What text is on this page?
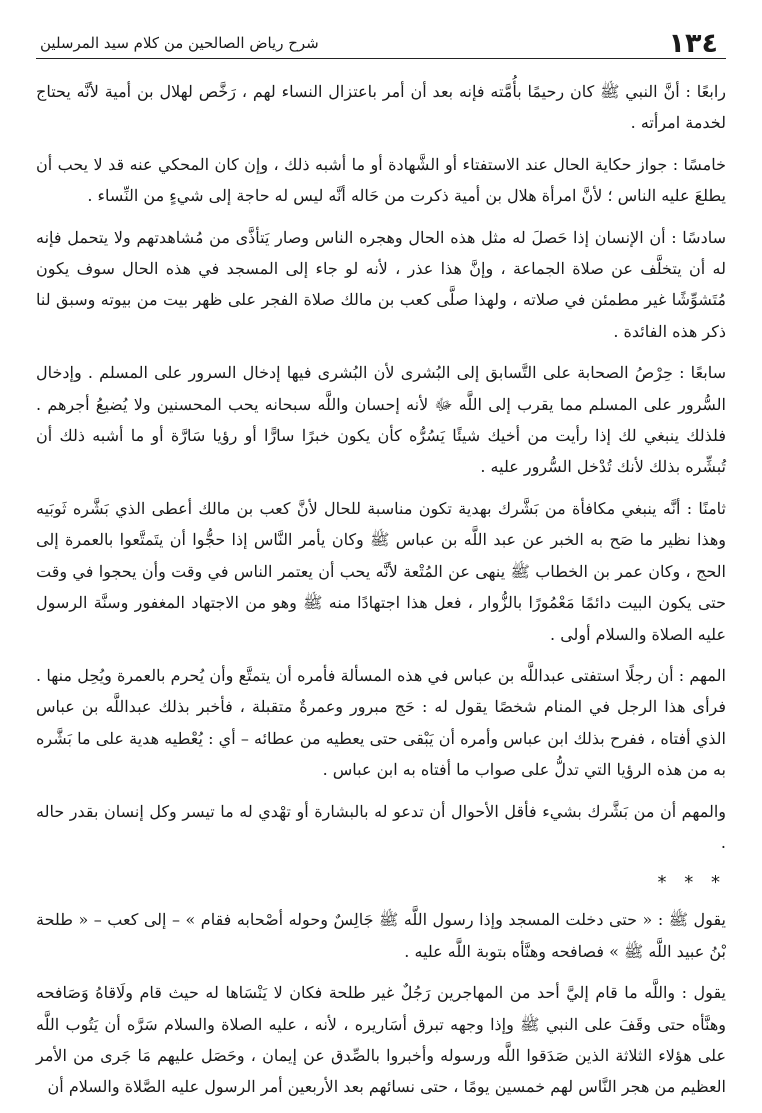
١٣٤
شرح رياض الصالحين من كلام سيد المرسلين

رابعًا : أنَّ النبي ﷺ كان رحيمًا بأُمَّته فإنه بعد أن أمر باعتزال النساء لهم ، رَخَّص لهلال بن أمية لأنَّه يحتاج لخدمة امرأته .

خامسًا : جواز حكاية الحال عند الاستفتاء أو الشَّهادة أو ما أشبه ذلك ، وإن كان المحكي عنه قد لا يحب أن يطلعَ عليه الناس ؛ لأنَّ امرأة هلال بن أمية ذكرت من حَاله أنَّه ليس له حاجة إلى شيءٍ من النِّساء .

سادسًا : أن الإنسان إذا حَصلَ له مثل هذه الحال وهجره الناس وصار يَتأذَّى من مُشاهدتهم ولا يتحمل فإنه له أن يتخلَّف عن صلاة الجماعة ، وإنَّ هذا عذر ، لأنه لو جاء إلى المسجد في هذه الحال سوف يكون مُتَشوِّشًا غير مطمئن في صلاته ، ولهذا صلَّى كعب بن مالك صلاة الفجر على ظهر بيت من بيوته وسبق لنا ذكر هذه الفائدة .

سابعًا : حِرْصُ الصحابة على التَّسابق إلى البُشرى لأن البُشرى فيها إدخال السرور على المسلم . وإدخال السُّرور على المسلم مما يقرب إلى اللَّه ﷻ لأنه إحسان واللَّه سبحانه يحب المحسنين ولا يُضيعُ أجرهم . فلذلك ينبغي لك إذا رأيت من أخيك شيئًا يَسُرُّه كأن يكون خبرًا سارًّا أو رؤيا سَارَّة أو ما أشبه ذلك أن تُبشِّره بذلك لأنك تُدْخل السُّرور عليه .

ثامنًا : أنَّه ينبغي مكافأة من بَشَّرك بهدية تكون مناسبة للحال لأنَّ كعب بن مالك أعطى الذي بَشَّره ثَوبَيه وهذا نظير ما صَح به الخبر عن عبد اللَّه بن عباس ﷺ وكان يأمر النَّاس إذا حجُّوا أن يتَمتَّعوا بالعمرة إلى الحج ، وكان عمر بن الخطاب ﷺ ينهى عن المُتْعة لأنَّه يحب أن يعتمر الناس في وقت وأن يحجوا في وقت حتى يكون البيت دائمًا مَعْمُورًا بالزُّوار ، فعل هذا اجتهادًا منه ﷺ وهو من الاجتهاد المغفور وسنَّة الرسول عليه الصلاة والسلام أولى .

المهم : أن رجلًا استفتى عبداللَّه بن عباس في هذه المسألة فأمره أن يتمتَّع وأن يُحرم بالعمرة ويُحِل منها . فرأى هذا الرجل في المنام شخصًا يقول له : حَج مبرور وعمرةٌ متقبلة ، فأخبر بذلك عبداللَّه بن عباس الذي أفتاه ، ففرح بذلك ابن عباس وأمره أن يَبْقى حتى يعطيه من عطائه – أي : يُعْطيه هدية على ما بَشَّره به من هذه الرؤيا التي تدلُّ على صواب ما أفتاه به ابن عباس .

والمهم أن من بَشَّرك بشيء فأقل الأحوال أن تدعو له بالبشارة أو تهْدي له ما تيسر وكل إنسان بقدر حاله .

* * *

يقول ﷺ : « حتى دخلت المسجد وإذا رسول اللَّه ﷺ جَالِسٌ وحوله أصْحابه فقام » – إلى كعب – « طلحة بْنُ عبيد اللَّه ﷺ » فصافحه وهنَّأه بتوبة اللَّه عليه .

يقول : واللَّه ما قام إليَّ أحد من المهاجرين رَجُلٌ غير طلحة فكان لا يَنْسَاها له حيث قام ولَاقاهُ وَصَافحه وهنَّأه حتى وقَفَ على النبي ﷺ وإذا وجهه تبرق أسَاريره ، لأنه ، عليه الصلاة والسلام سَرَّه أن يَتُوب اللَّه على هؤلاء الثلاثة الذين صَدَقوا اللَّه ورسوله وأخبروا بالصِّدق عن إيمان ، وحَصَل عليهم مَا جَرى من الأمر العظيم من هجر النَّاس لهم خمسين يومًا ، حتى نسائهم بعد الأربعين أمر الرسول عليه الصَّلاة والسلام أن
